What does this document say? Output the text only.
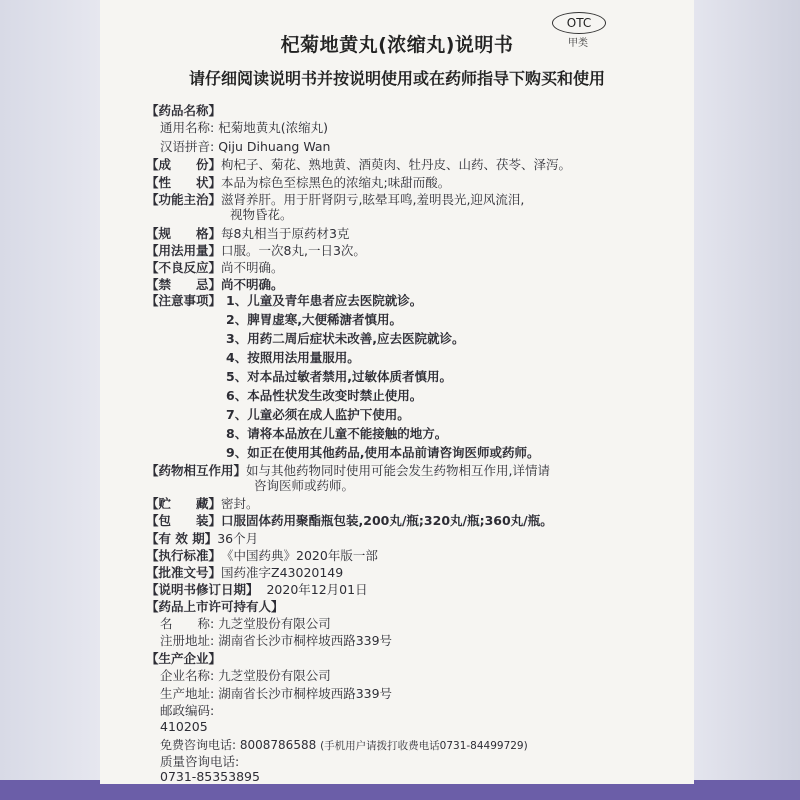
杞菊地黄丸(浓缩丸)说明书
OTC
甲类
请仔细阅读说明书并按说明使用或在药师指导下购买和使用
【药品名称】
通用名称: 杞菊地黄丸(浓缩丸)
汉语拼音: Qiju Dihuang Wan
【成　　份】枸杞子、菊花、熟地黄、酒萸肉、牡丹皮、山药、茯苓、泽泻。
【性　　状】本品为棕色至棕黑色的浓缩丸;味甜而酸。
【功能主治】滋肾养肝。用于肝肾阴亏,眩晕耳鸣,羞明畏光,迎风流泪,
视物昏花。
【规　　格】每8丸相当于原药材3克
【用法用量】口服。一次8丸,一日3次。
【不良反应】尚不明确。
【禁　　忌】尚不明确。
【注意事项】 1、儿童及青年患者应去医院就诊。
2、脾胃虚寒,大便稀溏者慎用。
3、用药二周后症状未改善,应去医院就诊。
4、按照用法用量服用。
5、对本品过敏者禁用,过敏体质者慎用。
6、本品性状发生改变时禁止使用。
7、儿童必须在成人监护下使用。
8、请将本品放在儿童不能接触的地方。
9、如正在使用其他药品,使用本品前请咨询医师或药师。
【药物相互作用】如与其他药物同时使用可能会发生药物相互作用,详情请
咨询医师或药师。
【贮　　藏】密封。
【包　　装】口服固体药用聚酯瓶包装,200丸/瓶;320丸/瓶;360丸/瓶。
【有 效 期】36个月
【执行标准】《中国药典》2020年版一部
【批准文号】国药准字Z43020149
【说明书修订日期】 2020年12月01日
【药品上市许可持有人】
名　　称: 九芝堂股份有限公司
注册地址: 湖南省长沙市桐梓坡西路339号
【生产企业】
企业名称: 九芝堂股份有限公司
生产地址: 湖南省长沙市桐梓坡西路339号
邮政编码:
410205
免费咨询电话: 8008786588 (手机用户请拨打收费电话0731-84499729)
质量咨询电话:
0731-85353895
